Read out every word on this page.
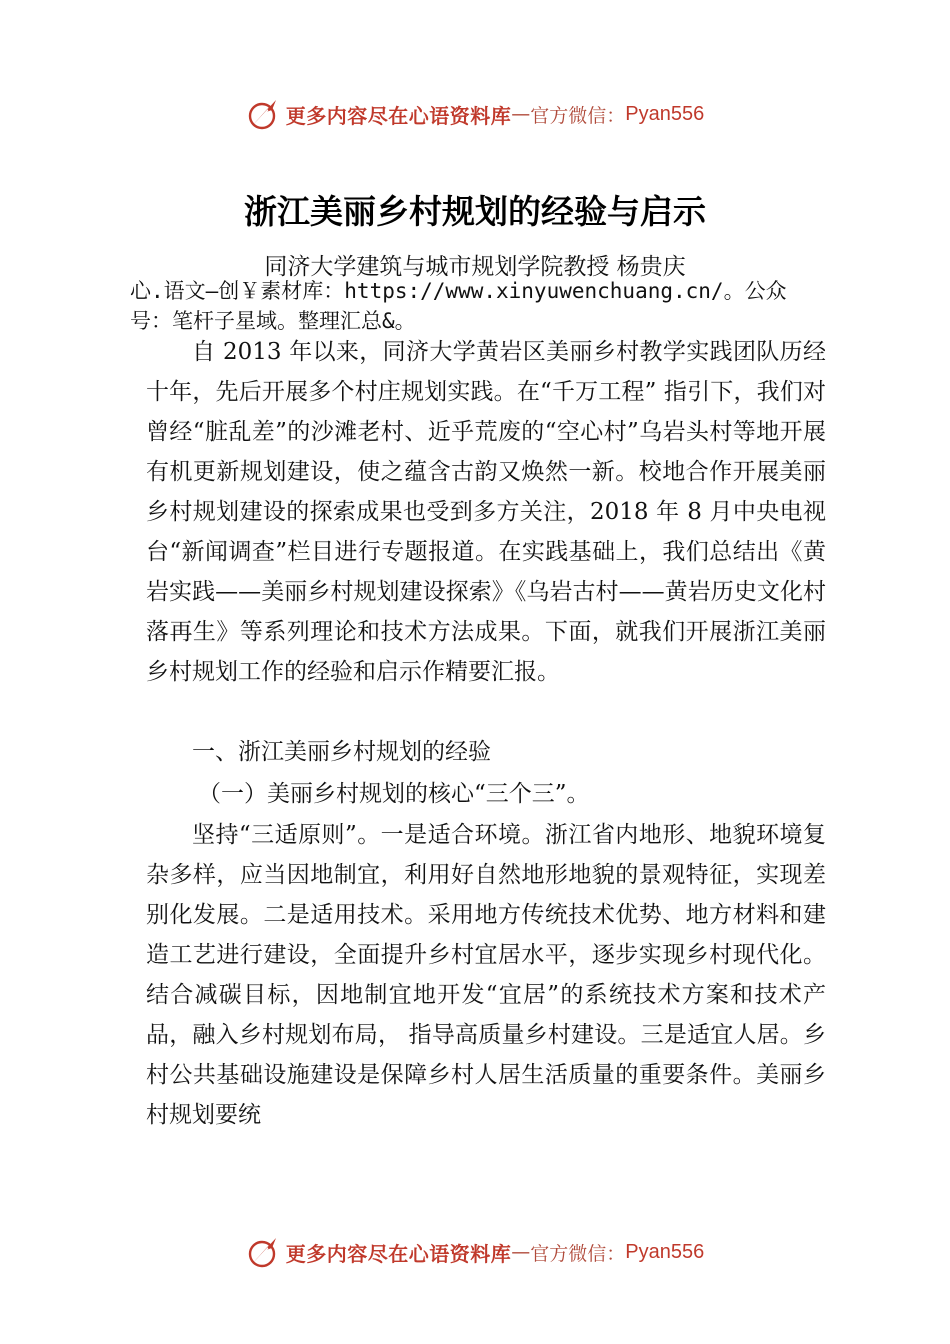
更多内容尽在心语资料库 — 官方微信： Pyan556
浙江美丽乡村规划的经验与启示
同济大学建筑与城市规划学院教授 杨贵庆
心.语文—创￥素材库：https://www.xinyuwenchuang.cn/。公众号：笔杆子星域。整理汇总&。
自 2013 年以来，同济大学黄岩区美丽乡村教学实践团队历经十年，先后开展多个村庄规划实践。在“千万工程” 指引下，我们对曾经“脏乱差”的沙滩老村、近乎荒废的“空心村”乌岩头村等地开展有机更新规划建设，使之蕴含古韵又焕然一新。校地合作开展美丽乡村规划建设的探索成果也受到多方关注，2018 年 8 月中央电视台“新闻调查”栏目进行专题报道。在实践基础上，我们总结出《黄岩实践——美丽乡村规划建设探索》《乌岩古村——黄岩历史文化村落再生》等系列理论和技术方法成果。下面，就我们开展浙江美丽乡村规划工作的经验和启示作精要汇报。
一、浙江美丽乡村规划的经验
（一）美丽乡村规划的核心“三个三”。
坚持“三适原则”。一是适合环境。浙江省内地形、地貌环境复杂多样，应当因地制宜，利用好自然地形地貌的景观特征，实现差别化发展。二是适用技术。采用地方传统技术优势、地方材料和建造工艺进行建设，全面提升乡村宜居水平，逐步实现乡村现代化。结合减碳目标，因地制宜地开发“宜居”的系统技术方案和技术产品，融入乡村规划布局， 指导高质量乡村建设。三是适宜人居。乡村公共基础设施建设是保障乡村人居生活质量的重要条件。美丽乡村规划要统
更多内容尽在心语资料库 — 官方微信： Pyan556
